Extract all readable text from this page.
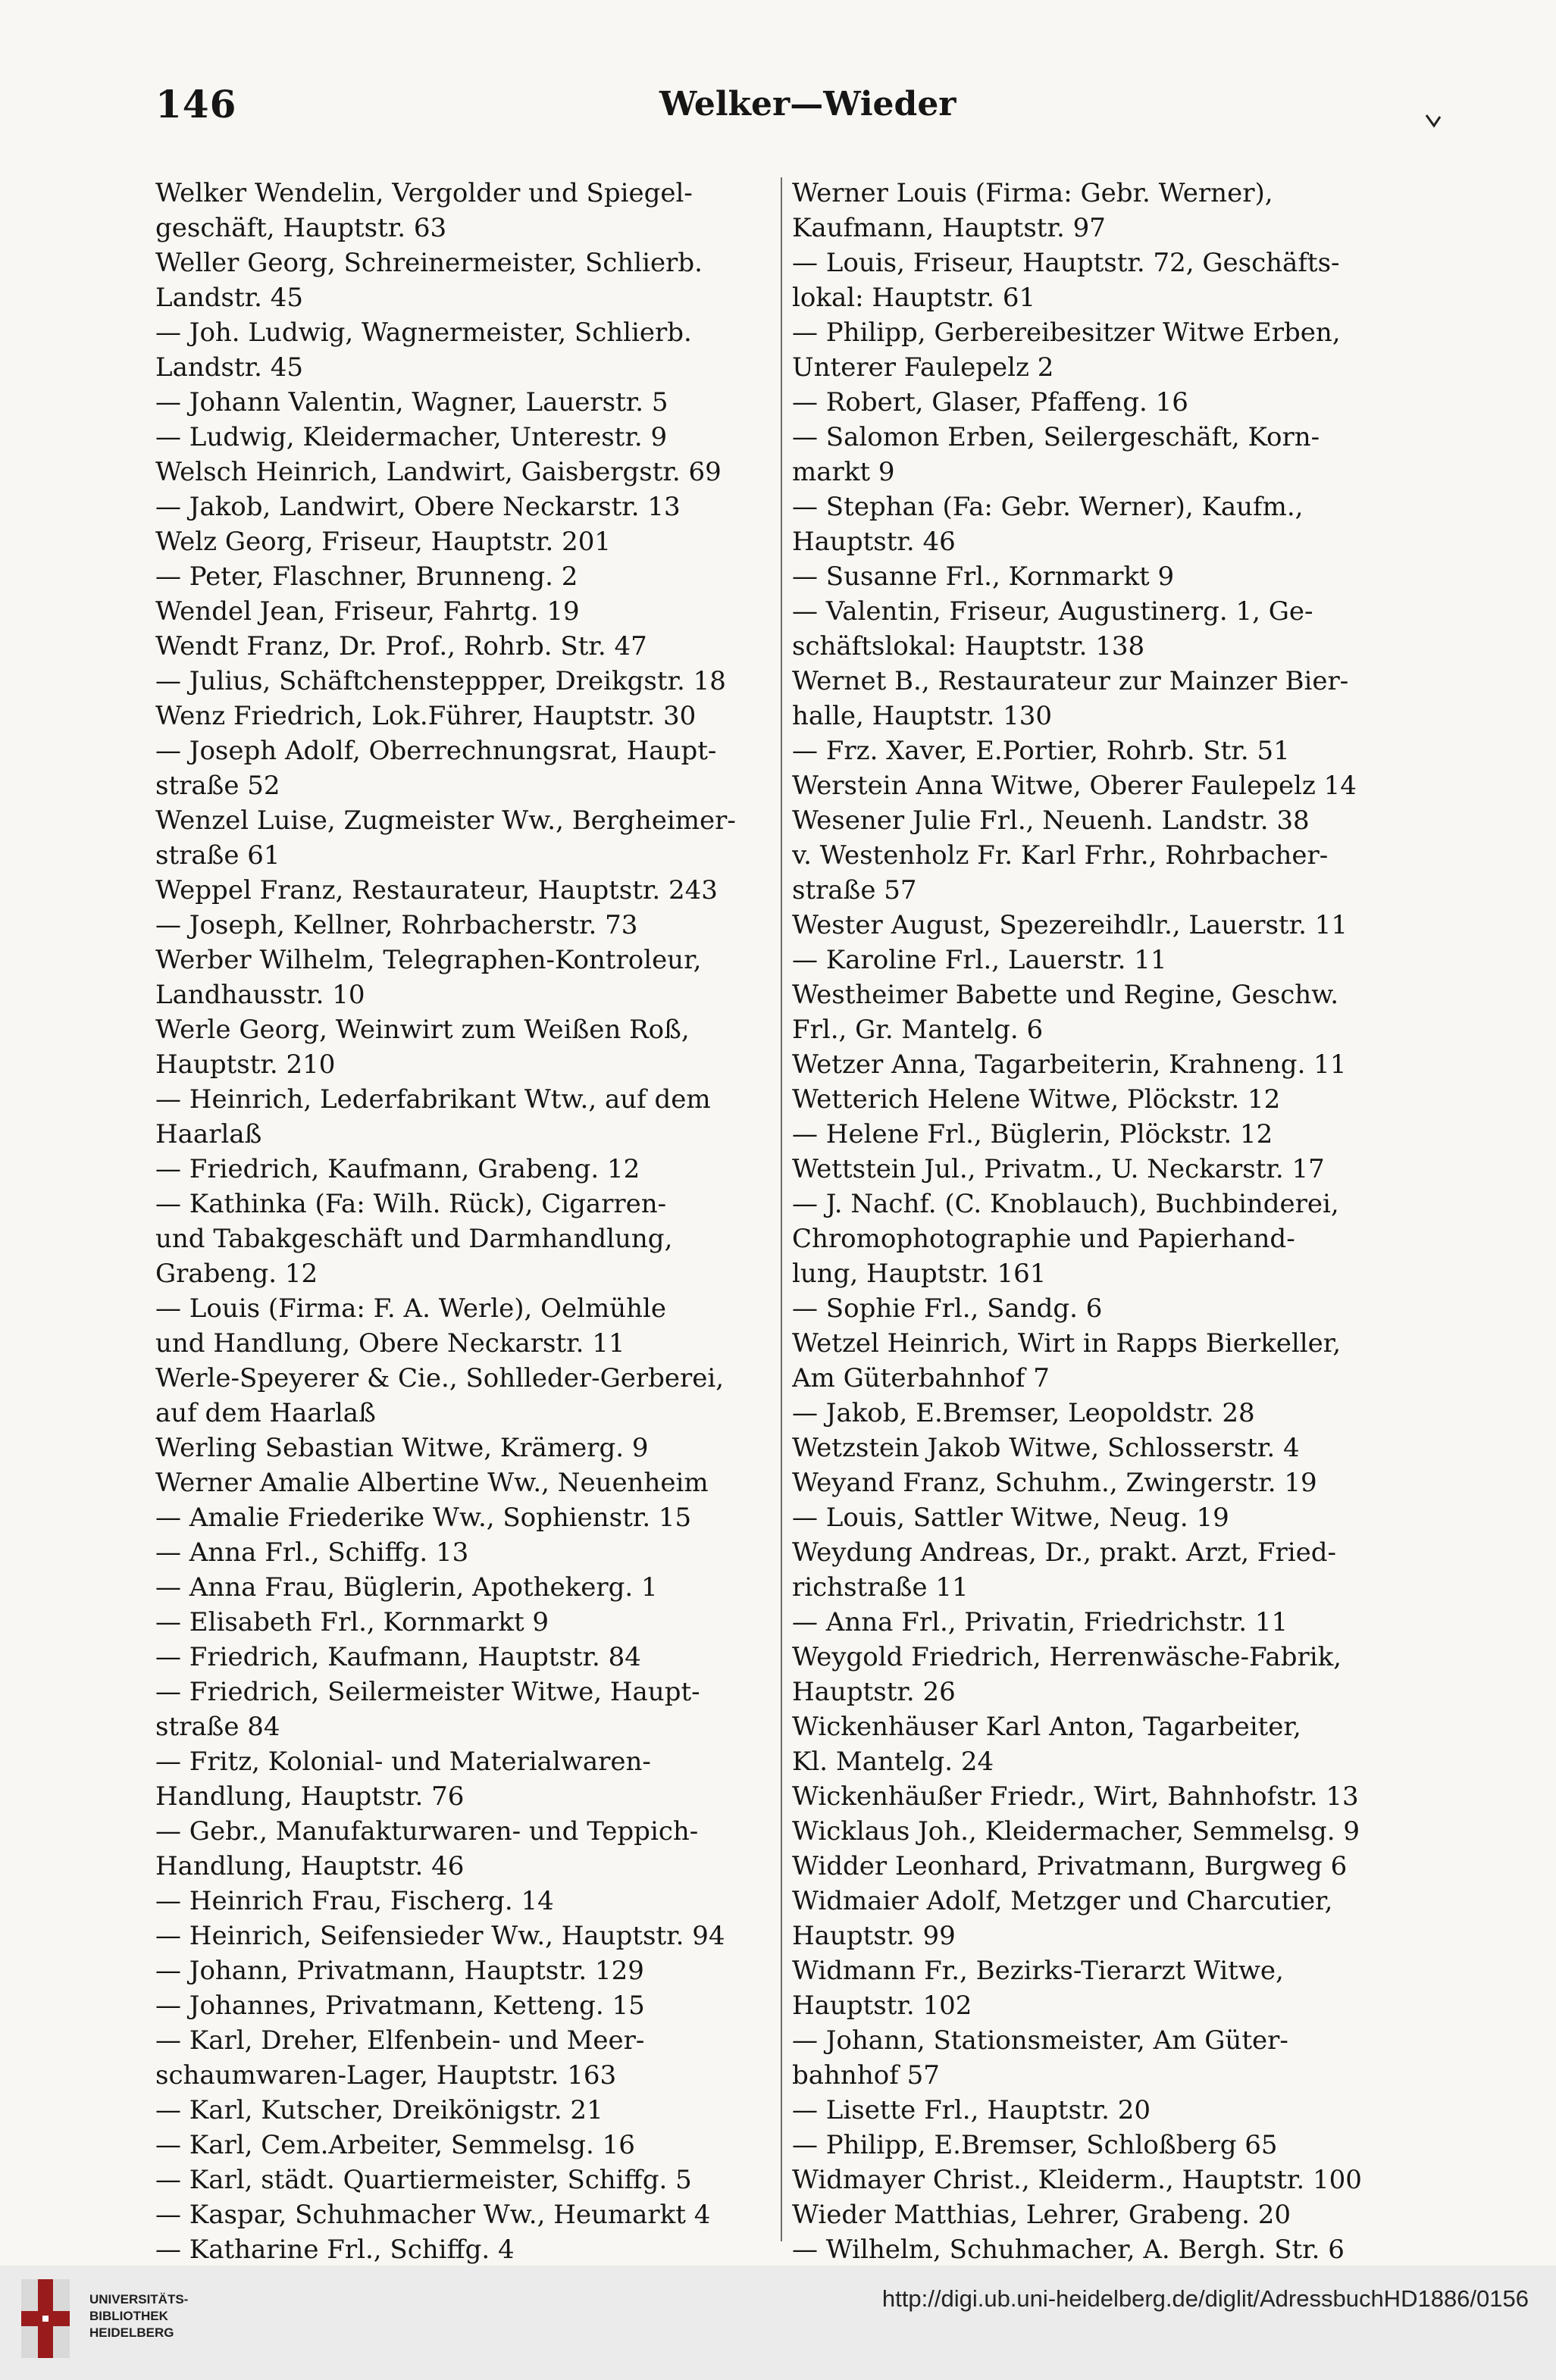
146	Welker—Wieder
Welker Wendelin, Vergolder und Spiegel-
geschäft, Hauptstr. 63
Weller Georg, Schreinermeister, Schlierb.
Landstr. 45
— Joh. Ludwig, Wagnermeister, Schlierb.
Landstr. 45
— Johann Valentin, Wagner, Lauerstr. 5
— Ludwig, Kleidermacher, Unterestr. 9
Welsch Heinrich, Landwirt, Gaisbergstr. 69
— Jakob, Landwirt, Obere Neckarstr. 13
Welz Georg, Friseur, Hauptstr. 201
— Peter, Flaschner, Brunneng. 2
Wendel Jean, Friseur, Fahrtg. 19
Wendt Franz, Dr. Prof., Rohrb. Str. 47
— Julius, Schäftchensteppper, Dreikgstr. 18
Wenz Friedrich, Lok.Führer, Hauptstr. 30
— Joseph Adolf, Oberrechnungsrat, Haupt-
straße 52
Wenzel Luise, Zugmeister Ww., Bergheimer-
straße 61
Weppel Franz, Restaurateur, Hauptstr. 243
— Joseph, Kellner, Rohrbacherstr. 73
Werber Wilhelm, Telegraphen-Kontroleur,
Landhausstr. 10
Werle Georg, Weinwirt zum Weißen Roß,
Hauptstr. 210
— Heinrich, Lederfabrikant Wtw., auf dem
Haarlaß
— Friedrich, Kaufmann, Grabeng. 12
— Kathinka (Fa: Wilh. Rück), Cigarren-
und Tabakgeschäft und Darmhandlung,
Grabeng. 12
— Louis (Firma: F. A. Werle), Oelmühle
und Handlung, Obere Neckarstr. 11
Werle-Speyerer & Cie., Sohlleder-Gerberei,
auf dem Haarlaß
Werling Sebastian Witwe, Krämerg. 9
Werner Amalie Albertine Ww., Neuenheim
— Amalie Friederike Ww., Sophienstr. 15
— Anna Frl., Schiffg. 13
— Anna Frau, Büglerin, Apothekerg. 1
— Elisabeth Frl., Kornmarkt 9
— Friedrich, Kaufmann, Hauptstr. 84
— Friedrich, Seilermeister Witwe, Haupt-
straße 84
— Fritz, Kolonial- und Materialwaren-
Handlung, Hauptstr. 76
— Gebr., Manufakturwaren- und Teppich-
Handlung, Hauptstr. 46
— Heinrich Frau, Fischerg. 14
— Heinrich, Seifensieder Ww., Hauptstr. 94
— Johann, Privatmann, Hauptstr. 129
— Johannes, Privatmann, Ketteng. 15
— Karl, Dreher, Elfenbein- und Meer-
schaumwaren-Lager, Hauptstr. 163
— Karl, Kutscher, Dreikönigstr. 21
— Karl, Cem.Arbeiter, Semmelsg. 16
— Karl, städt. Quartiermeister, Schiffg. 5
— Kaspar, Schuhmacher Ww., Heumarkt 4
— Katharine Frl., Schiffg. 4
Werner Louis (Firma: Gebr. Werner),
Kaufmann, Hauptstr. 97
— Louis, Friseur, Hauptstr. 72, Geschäfts-
lokal: Hauptstr. 61
— Philipp, Gerbereibesitzer Witwe Erben,
Unterer Faulepelz 2
— Robert, Glaser, Pfaffeng. 16
— Salomon Erben, Seilergeschäft, Korn-
markt 9
— Stephan (Fa: Gebr. Werner), Kaufm.,
Hauptstr. 46
— Susanne Frl., Kornmarkt 9
— Valentin, Friseur, Augustinerg. 1, Ge-
schäftslokal: Hauptstr. 138
Wernet B., Restaurateur zur Mainzer Bier-
halle, Hauptstr. 130
— Frz. Xaver, E.Portier, Rohrb. Str. 51
Werstein Anna Witwe, Oberer Faulepelz 14
Wesener Julie Frl., Neuenh. Landstr. 38
v. Westenholz Fr. Karl Frhr., Rohrbacher-
straße 57
Wester August, Spezereihdlr., Lauerstr. 11
— Karoline Frl., Lauerstr. 11
Westheimer Babette und Regine, Geschw.
Frl., Gr. Mantelg. 6
Wetzer Anna, Tagarbeiterin, Krahneng. 11
Wetterich Helene Witwe, Plöckstr. 12
— Helene Frl., Büglerin, Plöckstr. 12
Wettstein Jul., Privatm., U. Neckarstr. 17
— J. Nachf. (C. Knoblauch), Buchbinderei,
Chromophotographie und Papierhand-
lung, Hauptstr. 161
— Sophie Frl., Sandg. 6
Wetzel Heinrich, Wirt in Rapps Bierkeller,
Am Güterbahnhof 7
— Jakob, E.Bremser, Leopoldstr. 28
Wetzstein Jakob Witwe, Schlosserstr. 4
Weyand Franz, Schuhm., Zwingerstr. 19
— Louis, Sattler Witwe, Neug. 19
Weydung Andreas, Dr., prakt. Arzt, Fried-
richstraße 11
— Anna Frl., Privatin, Friedrichstr. 11
Weygold Friedrich, Herrenwäsche-Fabrik,
Hauptstr. 26
Wickenhäuser Karl Anton, Tagarbeiter,
Kl. Mantelg. 24
Wickenhäußer Friedr., Wirt, Bahnhofstr. 13
Wicklaus Joh., Kleidermacher, Semmelsg. 9
Widder Leonhard, Privatmann, Burgweg 6
Widmaier Adolf, Metzger und Charcutier,
Hauptstr. 99
Widmann Fr., Bezirks-Tierarzt Witwe,
Hauptstr. 102
— Johann, Stationsmeister, Am Güter-
bahnhof 57
— Lisette Frl., Hauptstr. 20
— Philipp, E.Bremser, Schloßberg 65
Widmayer Christ., Kleiderm., Hauptstr. 100
Wieder Matthias, Lehrer, Grabeng. 20
— Wilhelm, Schuhmacher, A. Bergh. Str. 6
UNIVERSITÄTS-
BIBLIOTHEK
HEIDELBERG
http://digi.ub.uni-heidelberg.de/diglit/AdressbuchHD1886/0156
